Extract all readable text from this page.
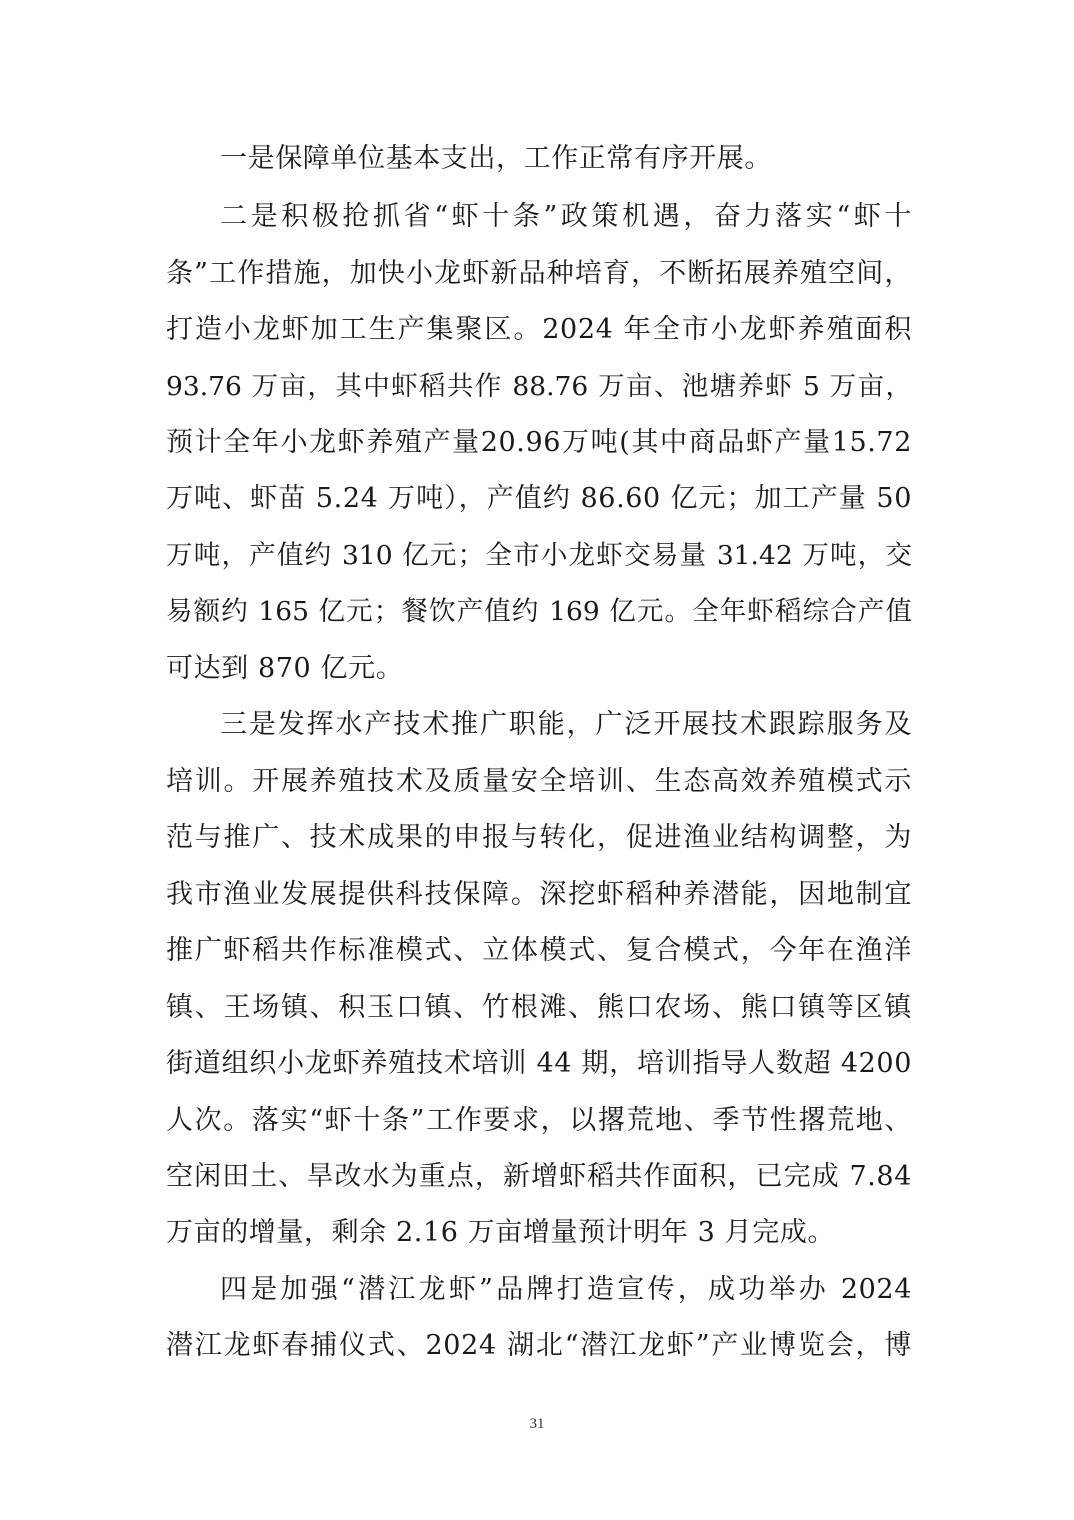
一是保障单位基本支出，工作正常有序开展。
二是积极抢抓省“虾十条”政策机遇，奋力落实“虾十
条”工作措施，加快小龙虾新品种培育，不断拓展养殖空间，
打造小龙虾加工生产集聚区。2024 年全市小龙虾养殖面积
93.76 万亩，其中虾稻共作 88.76 万亩、池塘养虾 5 万亩，
预计全年小龙虾养殖产量20.96万吨(其中商品虾产量15.72
万吨、虾苗 5.24 万吨），产值约 86.60 亿元；加工产量 50
万吨，产值约 310 亿元；全市小龙虾交易量 31.42 万吨，交
易额约 165 亿元；餐饮产值约 169 亿元。全年虾稻综合产值
可达到 870 亿元。
三是发挥水产技术推广职能，广泛开展技术跟踪服务及
培训。开展养殖技术及质量安全培训、生态高效养殖模式示
范与推广、技术成果的申报与转化，促进渔业结构调整，为
我市渔业发展提供科技保障。深挖虾稻种养潜能，因地制宜
推广虾稻共作标准模式、立体模式、复合模式，今年在渔洋
镇、王场镇、积玉口镇、竹根滩、熊口农场、熊口镇等区镇
街道组织小龙虾养殖技术培训 44 期，培训指导人数超 4200
人次。落实“虾十条”工作要求，以撂荒地、季节性撂荒地、
空闲田土、旱改水为重点，新增虾稻共作面积，已完成 7.84
万亩的增量，剩余 2.16 万亩增量预计明年 3 月完成。
四是加强“潜江龙虾”品牌打造宣传，成功举办 2024
潜江龙虾春捕仪式、2024 湖北“潜江龙虾”产业博览会，博
31
